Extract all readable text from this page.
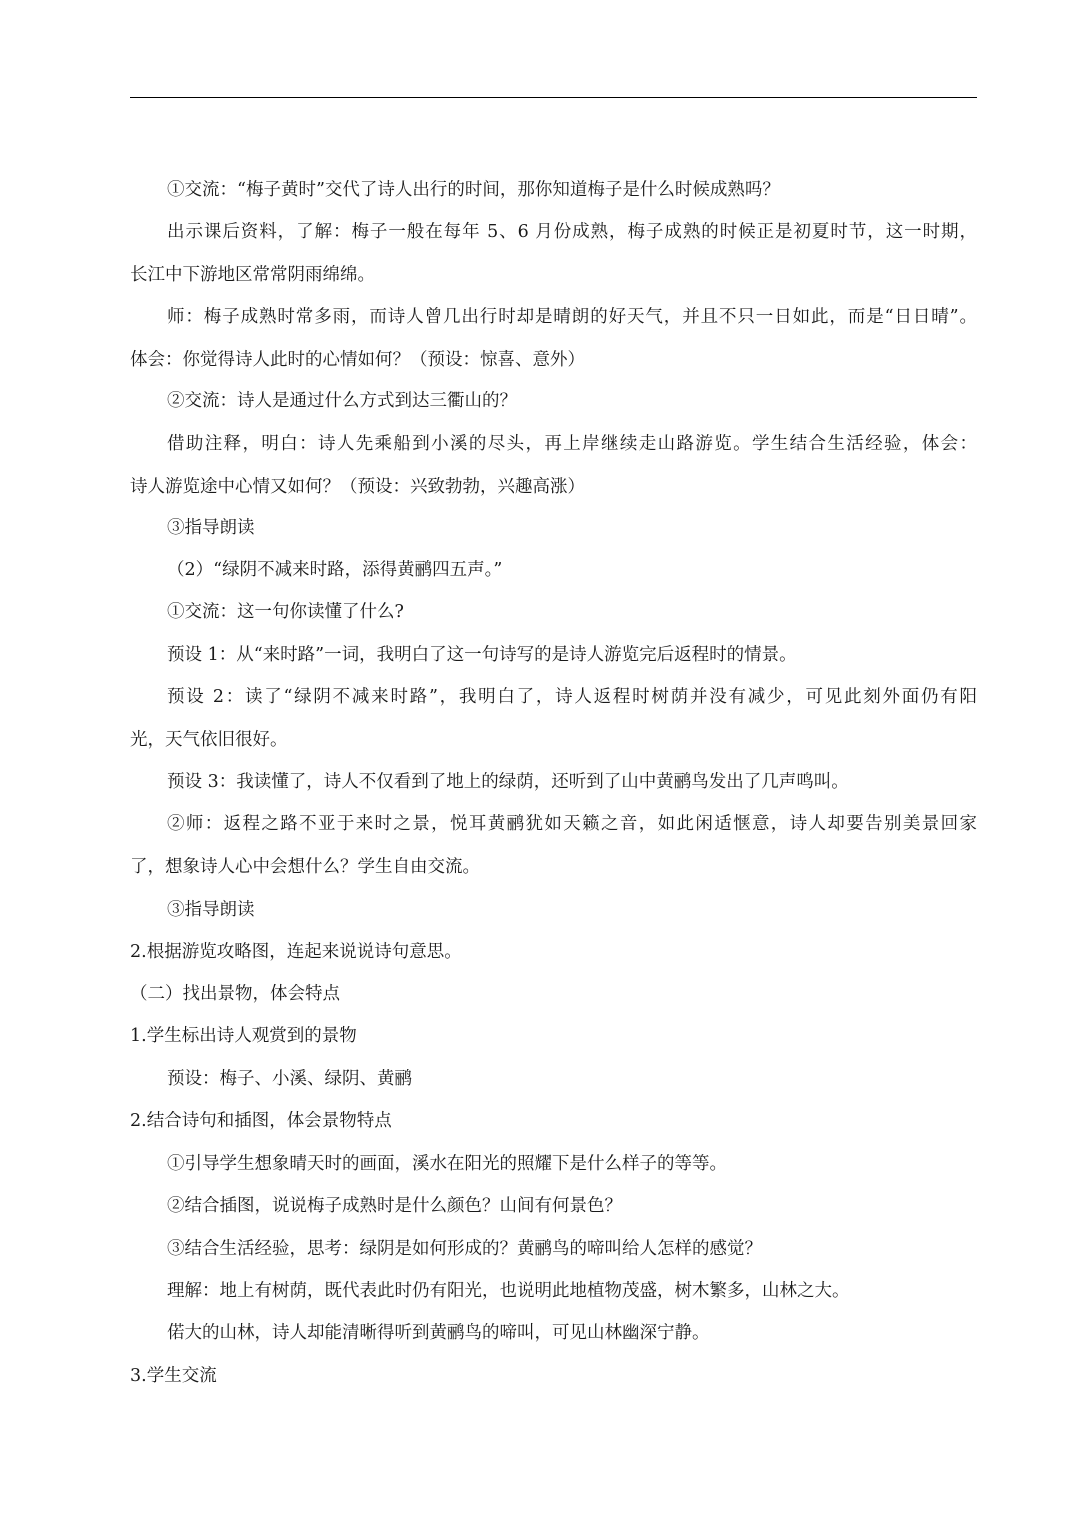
①交流：“梅子黄时”交代了诗人出行的时间，那你知道梅子是什么时候成熟吗？
出示课后资料，了解：梅子一般在每年 5、6 月份成熟，梅子成熟的时候正是初夏时节，这一时期，
长江中下游地区常常阴雨绵绵。
师：梅子成熟时常多雨，而诗人曾几出行时却是晴朗的好天气，并且不只一日如此，而是“日日晴”。
体会：你觉得诗人此时的心情如何？（预设：惊喜、意外）
②交流：诗人是通过什么方式到达三衢山的？
借助注释，明白：诗人先乘船到小溪的尽头，再上岸继续走山路游览。学生结合生活经验，体会：
诗人游览途中心情又如何？（预设：兴致勃勃，兴趣高涨）
③指导朗读
（2）“绿阴不减来时路，添得黄鹂四五声。”
①交流：这一句你读懂了什么?
预设 1：从“来时路”一词，我明白了这一句诗写的是诗人游览完后返程时的情景。
预设 2：读了“绿阴不减来时路”，我明白了，诗人返程时树荫并没有减少，可见此刻外面仍有阳
光，天气依旧很好。
预设 3：我读懂了，诗人不仅看到了地上的绿荫，还听到了山中黄鹂鸟发出了几声鸣叫。
②师：返程之路不亚于来时之景，悦耳黄鹂犹如天籁之音，如此闲适惬意，诗人却要告别美景回家
了，想象诗人心中会想什么？学生自由交流。
③指导朗读
2.根据游览攻略图，连起来说说诗句意思。
（二）找出景物，体会特点
1.学生标出诗人观赏到的景物
预设：梅子、小溪、绿阴、黄鹂
2.结合诗句和插图，体会景物特点
①引导学生想象晴天时的画面，溪水在阳光的照耀下是什么样子的等等。
②结合插图，说说梅子成熟时是什么颜色？山间有何景色？
③结合生活经验，思考：绿阴是如何形成的？黄鹂鸟的啼叫给人怎样的感觉？
理解：地上有树荫，既代表此时仍有阳光，也说明此地植物茂盛，树木繁多，山林之大。
偌大的山林，诗人却能清晰得听到黄鹂鸟的啼叫，可见山林幽深宁静。
3.学生交流
